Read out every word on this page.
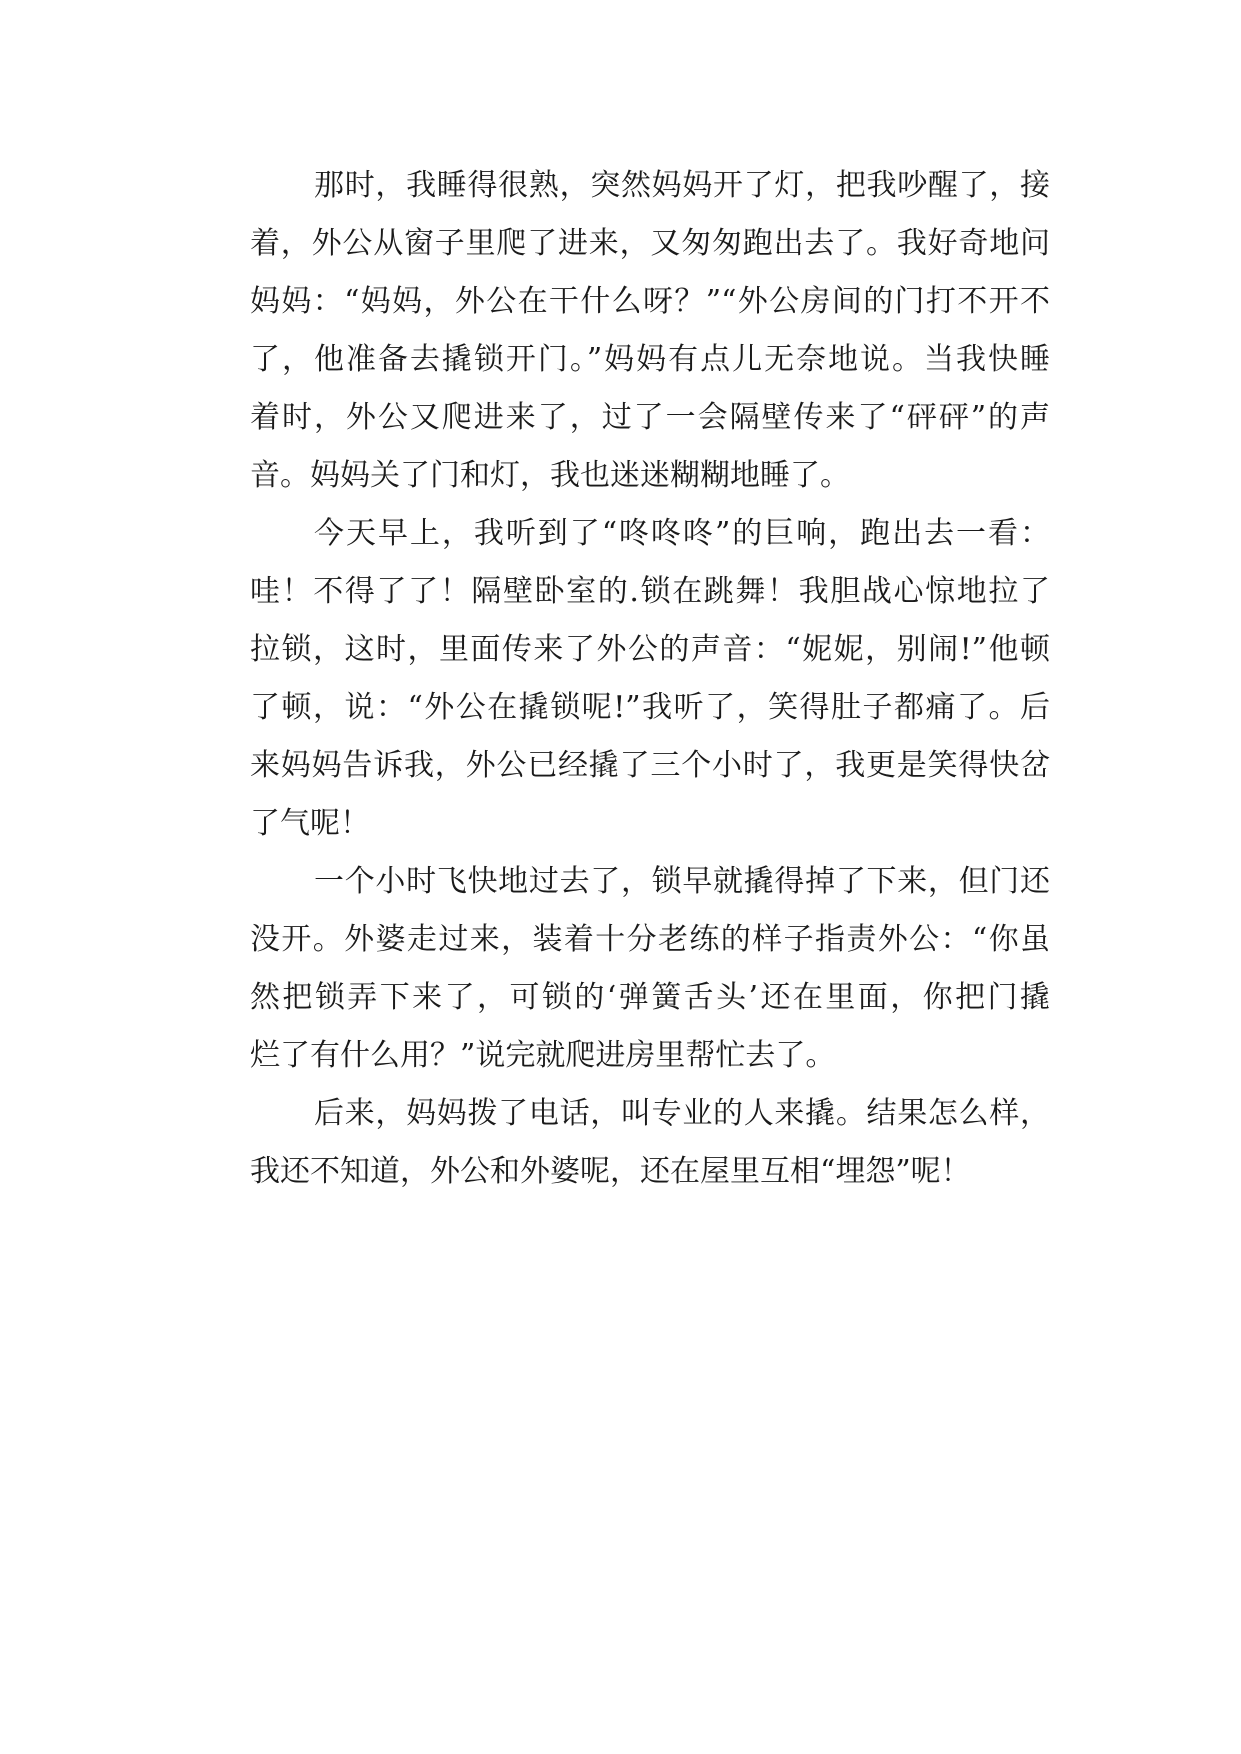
那时，我睡得很熟，突然妈妈开了灯，把我吵醒了，接
着，外公从窗子里爬了进来，又匆匆跑出去了。我好奇地问
妈妈：“妈妈，外公在干什么呀？”“外公房间的门打不开不
了，他准备去撬锁开门。”妈妈有点儿无奈地说。当我快睡
着时，外公又爬进来了，过了一会隔壁传来了“砰砰”的声
音。妈妈关了门和灯，我也迷迷糊糊地睡了。
今天早上，我听到了“咚咚咚”的巨响，跑出去一看：
哇！不得了了！隔壁卧室的.锁在跳舞！我胆战心惊地拉了
拉锁，这时，里面传来了外公的声音：“妮妮，别闹!”他顿
了顿，说：“外公在撬锁呢!”我听了，笑得肚子都痛了。后
来妈妈告诉我，外公已经撬了三个小时了，我更是笑得快岔
了气呢！
一个小时飞快地过去了，锁早就撬得掉了下来，但门还
没开。外婆走过来，装着十分老练的样子指责外公：“你虽
然把锁弄下来了，可锁的‘弹簧舌头’还在里面，你把门撬
烂了有什么用？”说完就爬进房里帮忙去了。
后来，妈妈拨了电话，叫专业的人来撬。结果怎么样，
我还不知道，外公和外婆呢，还在屋里互相“埋怨”呢！
